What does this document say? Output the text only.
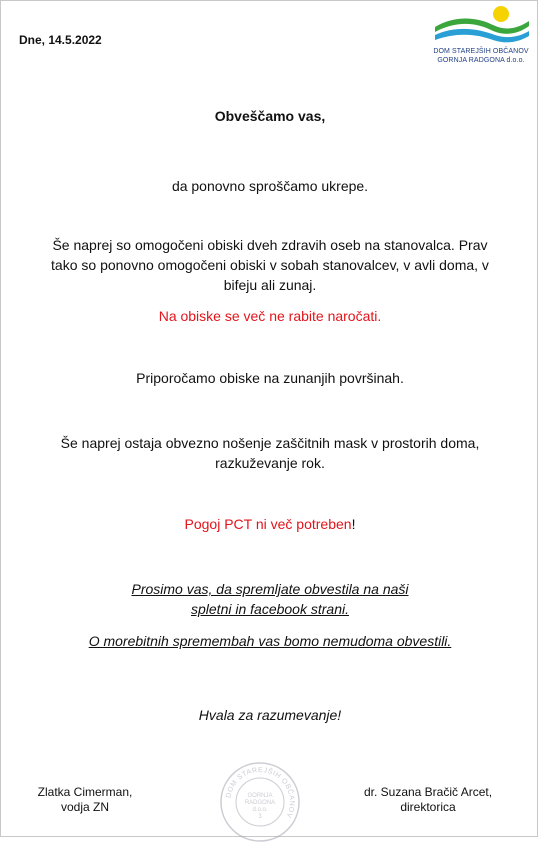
Dne, 14.5.2022
DOM STAREJŠIH OBČANOV
GORNJA RADGONA d.o.o.
Obveščamo vas,
da ponovno sproščamo ukrepe.
Še naprej so omogočeni obiski dveh zdravih oseb na stanovalca. Prav
tako so ponovno omogočeni obiski v sobah stanovalcev, v avli doma, v
bifeju ali zunaj.
Na obiske se več ne rabite naročati.
Priporočamo obiske na zunanjih površinah.
Še naprej ostaja obvezno nošenje zaščitnih mask v prostorih doma,
razkuževanje rok.
Pogoj PCT ni več potreben!
Prosimo vas, da spremljate obvestila na naši
spletni in facebook strani.
O morebitnih spremembah vas bomo nemudoma obvestili.
Hvala za razumevanje!
Zlatka Cimerman,
vodja ZN
DOM STAREJŠIH OBČANOV
GORNJA
RADGONA
d.o.o.
3
dr. Suzana Bračič Arcet,
direktorica
